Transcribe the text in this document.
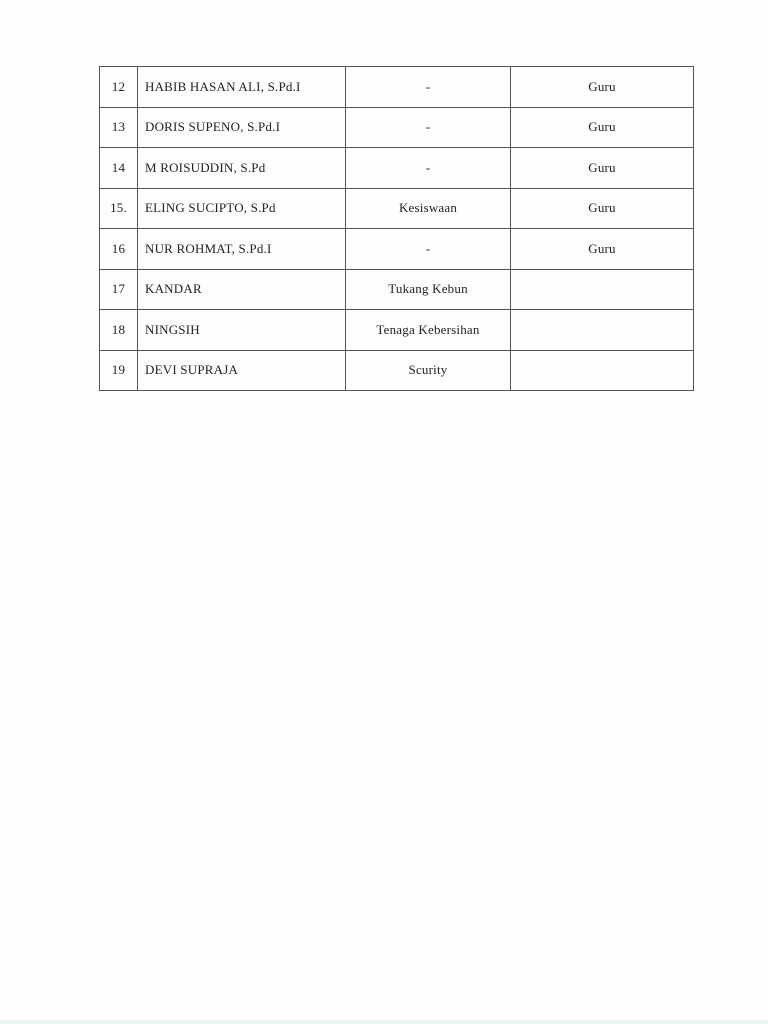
12	HABIB HASAN ALI, S.Pd.I	-	Guru
13	DORIS SUPENO, S.Pd.I	-	Guru
14	M ROISUDDIN, S.Pd	-	Guru
15.	ELING SUCIPTO, S.Pd	Kesiswaan	Guru
16	NUR ROHMAT, S.Pd.I	-	Guru
17	KANDAR	Tukang Kebun	
18	NINGSIH	Tenaga Kebersihan	
19	DEVI SUPRAJA	Scurity	
